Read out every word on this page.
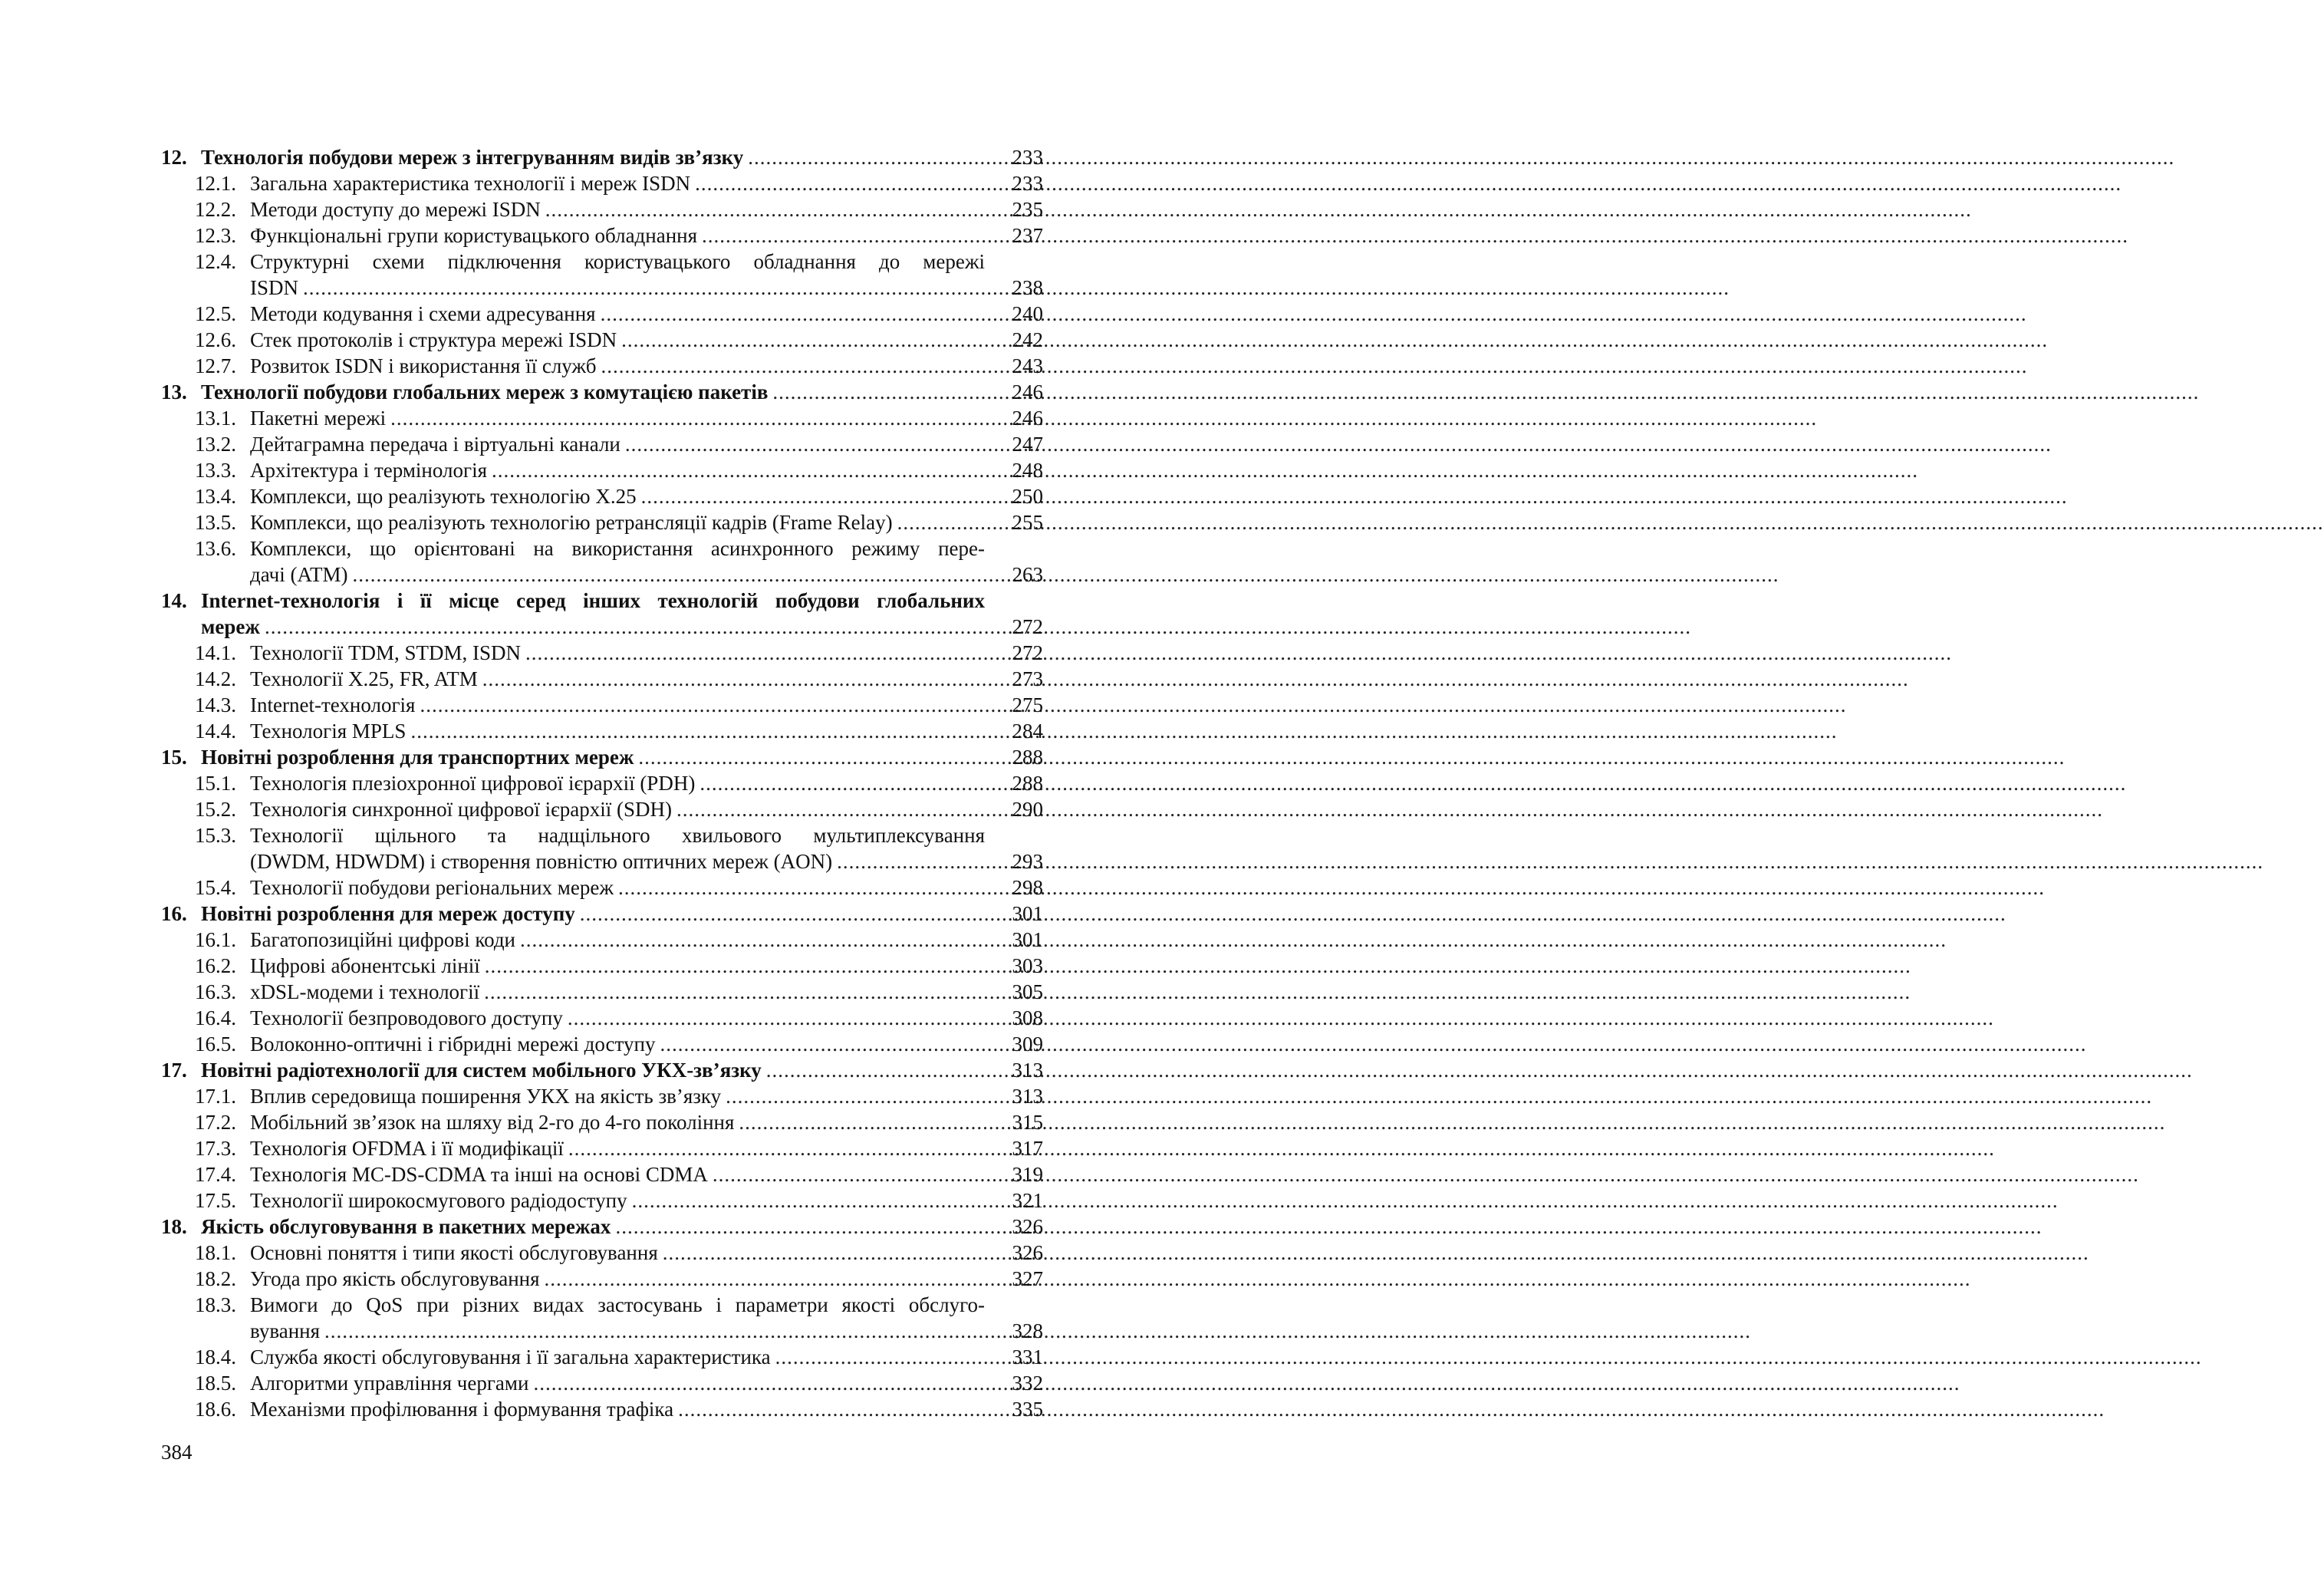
12. Технологія побудови мереж з інтегруванням видів зв’язку .....	233
12.1. Загальна характеристика технології і мереж ISDN .....	233
12.2. Методи доступу до мережі ISDN .....	235
12.3. Функціональні групи користувацького обладнання .....	237
12.4. Структурні схеми підключення користувацького обладнання до мережі
ISDN .....	238
12.5. Методи кодування і схеми адресування .....	240
12.6. Стек протоколів і структура мережі ISDN .....	242
12.7. Розвиток ISDN і використання її служб .....	243
13. Технології побудови глобальних мереж з комутацією пакетів .....	246
13.1. Пакетні мережі .....	246
13.2. Дейтаграмна передача і віртуальні канали .....	247
13.3. Архітектура і термінологія .....	248
13.4. Комплекси, що реалізують технологію X.25 .....	250
13.5. Комплекси, що реалізують технологію ретрансляції кадрів (Frame Relay) .....	255
13.6. Комплекси, що орієнтовані на використання асинхронного режиму пере-
дачі (ATM) .....	263
14. Internet-технологія і її місце серед інших технологій побудови глобальних
мереж .....	272
14.1. Технології TDM, STDM, ISDN .....	272
14.2. Технології X.25, FR, ATM .....	273
14.3. Internet-технологія .....	275
14.4. Технологія MPLS .....	284
15. Новітні розроблення для транспортних мереж .....	288
15.1. Технологія плезіохронної цифрової ієрархії (PDH) .....	288
15.2. Технологія синхронної цифрової ієрархії (SDH) .....	290
15.3. Технології щільного та надщільного хвильового мультиплексування
(DWDM, HDWDM) і створення повністю оптичних мереж (AON) .....	293
15.4. Технології побудови регіональних мереж .....	298
16. Новітні розроблення для мереж доступу .....	301
16.1. Багатопозиційні цифрові коди .....	301
16.2. Цифрові абонентські лінії .....	303
16.3. xDSL-модеми і технології .....	305
16.4. Технології безпроводового доступу .....	308
16.5. Волоконно-оптичні і гібридні мережі доступу .....	309
17. Новітні радіотехнології для систем мобільного УКХ-зв’язку .....	313
17.1. Вплив середовища поширення УКХ на якість зв’язку .....	313
17.2. Мобільний зв’язок на шляху від 2-го до 4-го покоління .....	315
17.3. Технологія OFDMA і її модифікації .....	317
17.4. Технологія MC-DS-CDMA та інші на основі CDMA .....	319
17.5. Технології широкосмугового радіодоступу .....	321
18. Якість обслуговування в пакетних мережах .....	326
18.1. Основні поняття і типи якості обслуговування .....	326
18.2. Угода про якість обслуговування .....	327
18.3. Вимоги до QoS при різних видах застосувань і параметри якості обслуго-
вування .....	328
18.4. Служба якості обслуговування і її загальна характеристика .....	331
18.5. Алгоритми управління чергами .....	332
18.6. Механізми профілювання і формування трафіка .....	335
384
